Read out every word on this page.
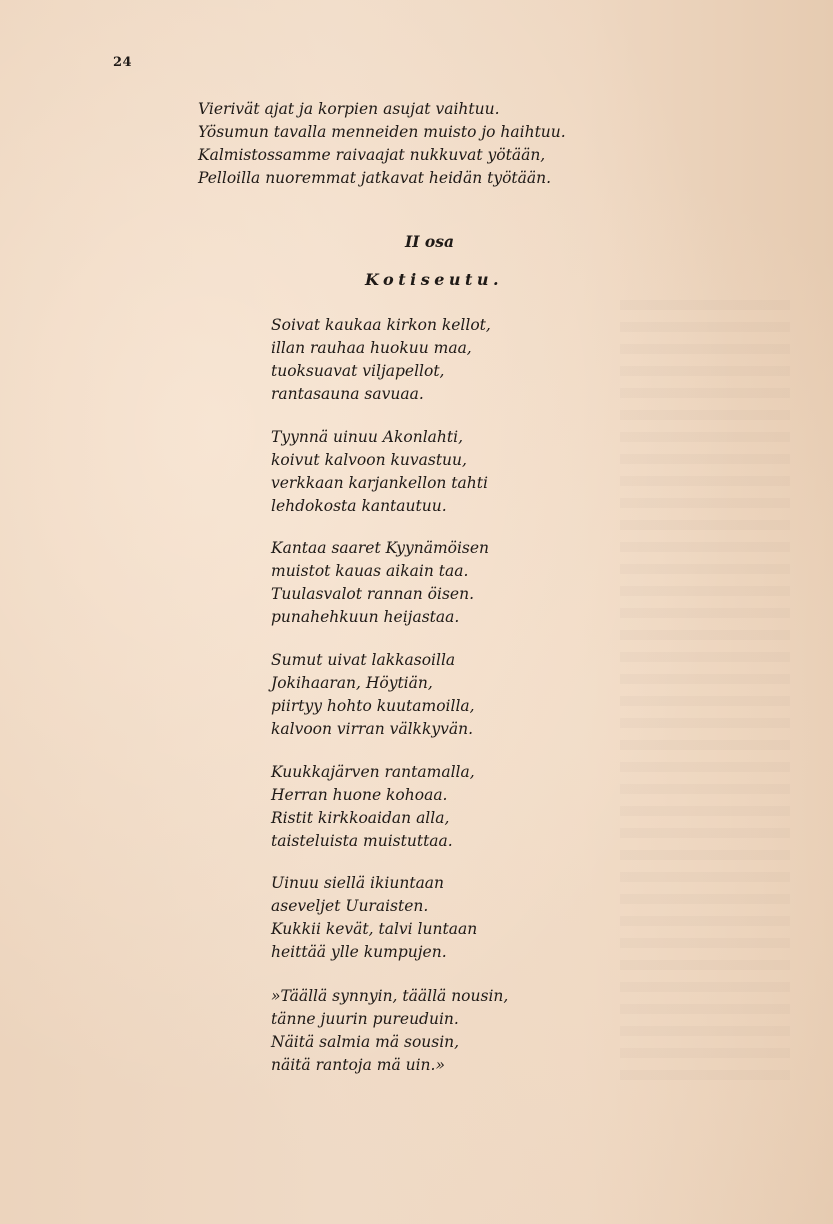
24

Vierivät ajat ja korpien asujat vaihtuu.
Yösumun tavalla menneiden muisto jo haihtuu.
Kalmistossamme raivaajat nukkuvat yötään,
Pelloilla nuoremmat jatkavat heidän työtään.

II osa
Kotiseutu.

Soivat kaukaa kirkon kellot,
illan rauhaa huokuu maa,
tuoksuavat viljapellot,
rantasauna savuaa.

Tyynnä uinuu Akonlahti,
koivut kalvoon kuvastuu,
verkkaan karjankellon tahti
lehdokosta kantautuu.

Kantaa saaret Kyynämöisen
muistot kauas aikain taa.
Tuulasvalot rannan öisen.
punahehkuun heijastaa.

Sumut uivat lakkasoilla
Jokihaaran, Höytiän,
piirtyy hohto kuutamoilla,
kalvoon virran välkkyvän.

Kuukkajärven rantamalla,
Herran huone kohoaa.
Ristit kirkkoaidan alla,
taisteluista muistuttaa.

Uinuu siellä ikiuntaan
aseveljet Uuraisten.
Kukkii kevät, talvi luntaan
heittää ylle kumpujen.

»Täällä synnyin, täällä nousin,
tänne juurin pureuduin.
Näitä salmia mä sousin,
näitä rantoja mä uin.»
